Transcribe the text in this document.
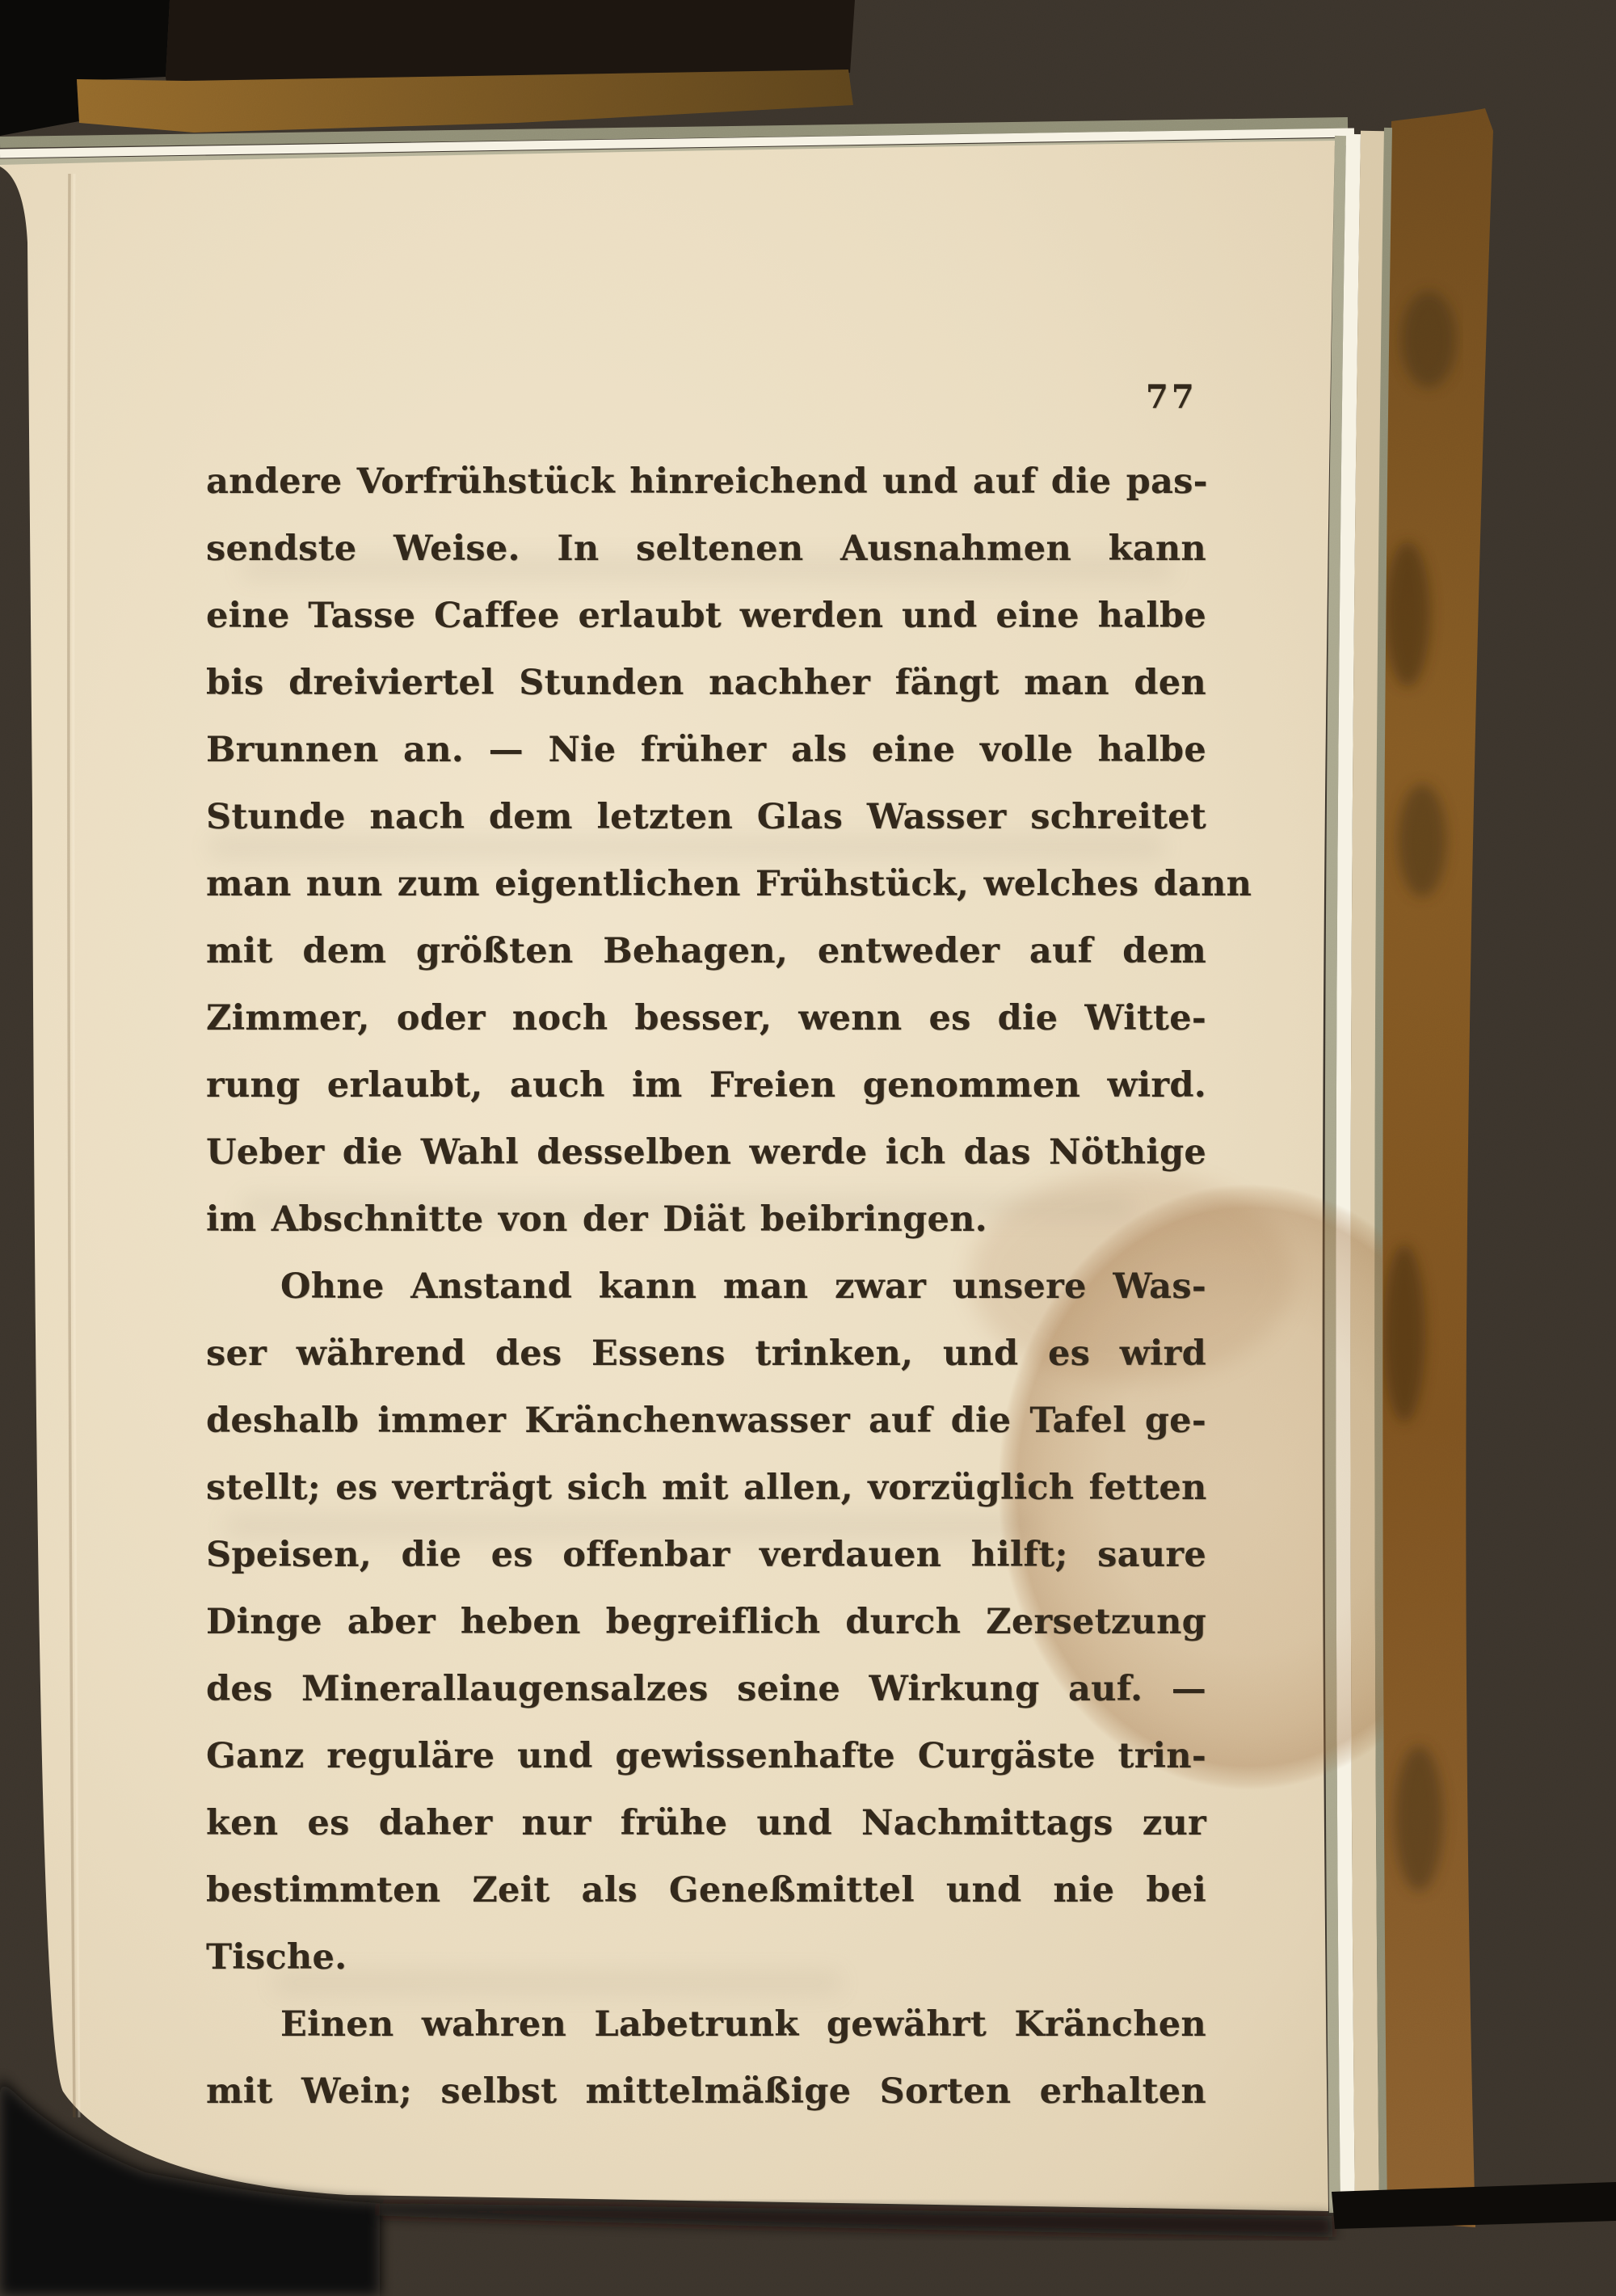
77
andere Vorfrühstück hinreichend und auf die pas-
sendste Weise. In seltenen Ausnahmen kann
eine Tasse Caffee erlaubt werden und eine halbe
bis dreiviertel Stunden nachher fängt man den
Brunnen an. — Nie früher als eine volle halbe
Stunde nach dem letzten Glas Wasser schreitet
man nun zum eigentlichen Frühstück, welches dann
mit dem größten Behagen, entweder auf dem
Zimmer, oder noch besser, wenn es die Witte-
rung erlaubt, auch im Freien genommen wird.
Ueber die Wahl desselben werde ich das Nöthige
im Abschnitte von der Diät beibringen.
Ohne Anstand kann man zwar unsere Was-
ser während des Essens trinken, und es wird
deshalb immer Kränchenwasser auf die Tafel ge-
stellt; es verträgt sich mit allen, vorzüglich fetten
Speisen, die es offenbar verdauen hilft; saure
Dinge aber heben begreiflich durch Zersetzung
des Minerallaugensalzes seine Wirkung auf. —
Ganz reguläre und gewissenhafte Curgäste trin-
ken es daher nur frühe und Nachmittags zur
bestimmten Zeit als Geneßmittel und nie bei
Tische.
Einen wahren Labetrunk gewährt Kränchen
mit Wein; selbst mittelmäßige Sorten erhalten
